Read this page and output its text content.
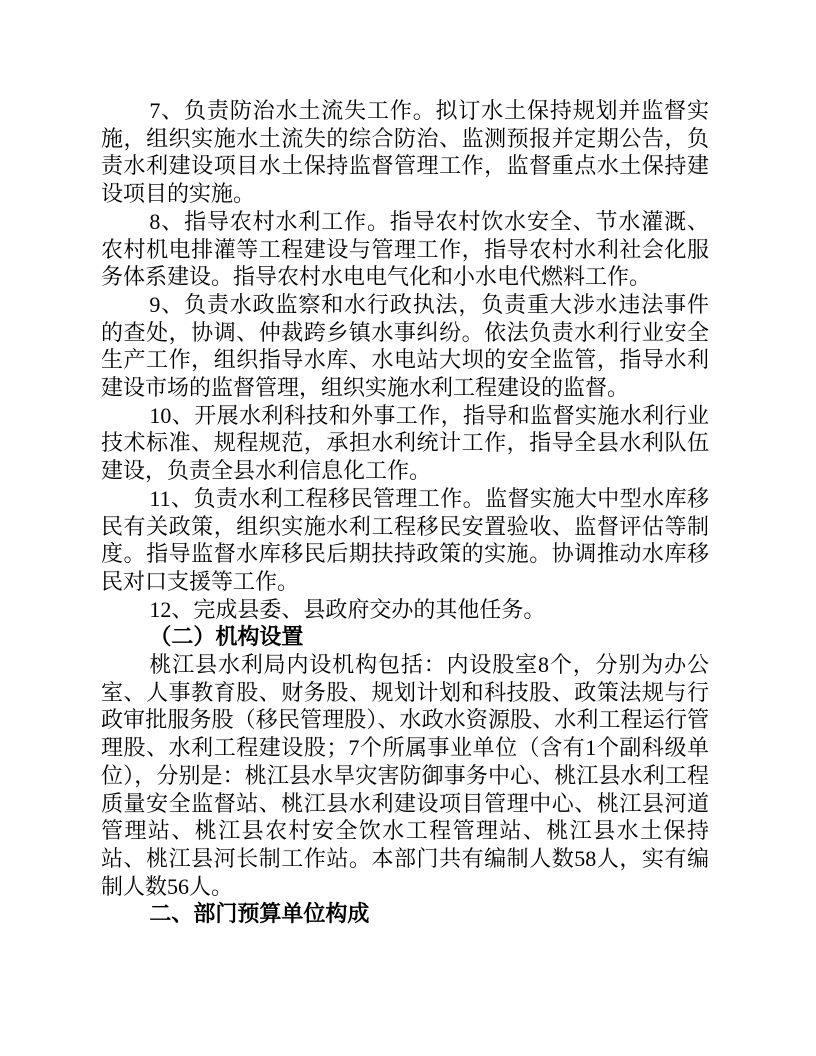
7、负责防治水土流失工作。拟订水土保持规划并监督实施，组织实施水土流失的综合防治、监测预报并定期公告，负责水利建设项目水土保持监督管理工作，监督重点水土保持建设项目的实施。

8、指导农村水利工作。指导农村饮水安全、节水灌溉、农村机电排灌等工程建设与管理工作，指导农村水利社会化服务体系建设。指导农村水电电气化和小水电代燃料工作。

9、负责水政监察和水行政执法，负责重大涉水违法事件的查处，协调、仲裁跨乡镇水事纠纷。依法负责水利行业安全生产工作，组织指导水库、水电站大坝的安全监管，指导水利建设市场的监督管理，组织实施水利工程建设的监督。

10、开展水利科技和外事工作，指导和监督实施水利行业技术标准、规程规范，承担水利统计工作，指导全县水利队伍建设，负责全县水利信息化工作。

11、负责水利工程移民管理工作。监督实施大中型水库移民有关政策，组织实施水利工程移民安置验收、监督评估等制度。指导监督水库移民后期扶持政策的实施。协调推动水库移民对口支援等工作。

12、完成县委、县政府交办的其他任务。

（二）机构设置

桃江县水利局内设机构包括：内设股室8个，分别为办公室、人事教育股、财务股、规划计划和科技股、政策法规与行政审批服务股（移民管理股）、水政水资源股、水利工程运行管理股、水利工程建设股；7个所属事业单位（含有1个副科级单位），分别是：桃江县水旱灾害防御事务中心、桃江县水利工程质量安全监督站、桃江县水利建设项目管理中心、桃江县河道管理站、桃江县农村安全饮水工程管理站、桃江县水土保持站、桃江县河长制工作站。本部门共有编制人数58人，实有编制人数56人。

二、部门预算单位构成
